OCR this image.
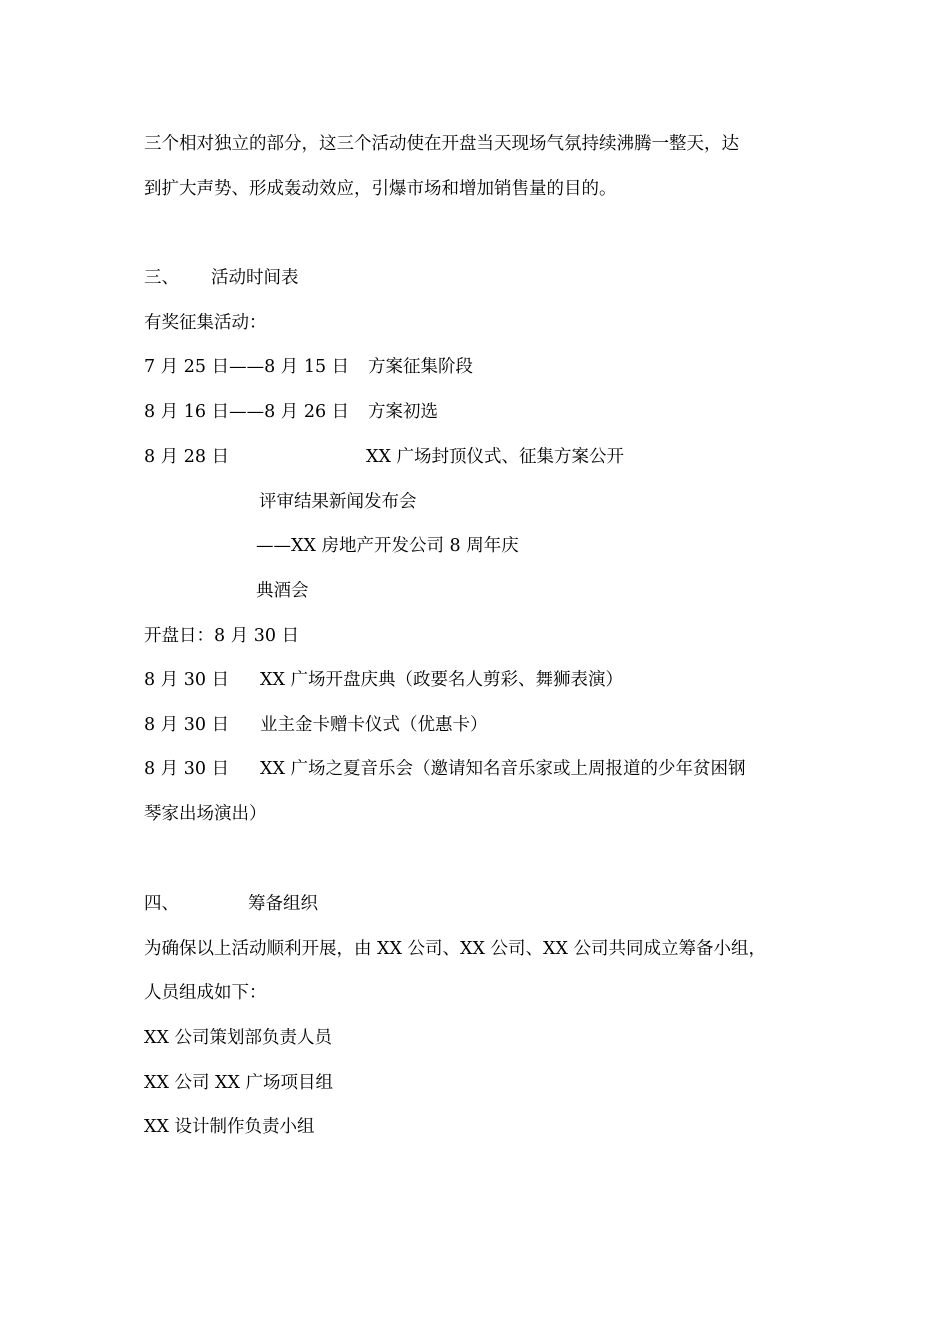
三个相对独立的部分，这三个活动使在开盘当天现场气氛持续沸腾一整天，达
到扩大声势、形成轰动效应，引爆市场和增加销售量的目的。
三、 活动时间表
有奖征集活动：
7 月 25 日——8 月 15 日 方案征集阶段
8 月 16 日——8 月 26 日 方案初选
8 月 28 日	XX 广场封顶仪式、征集方案公开
评审结果新闻发布会
——XX 房地产开发公司 8 周年庆
典酒会
开盘日：8 月 30 日
8 月 30 日 XX 广场开盘庆典（政要名人剪彩、舞狮表演）
8 月 30 日 业主金卡赠卡仪式（优惠卡）
8 月 30 日 XX 广场之夏音乐会（邀请知名音乐家或上周报道的少年贫困钢
琴家出场演出）
四、	筹备组织
为确保以上活动顺利开展，由 XX 公司、XX 公司、XX 公司共同成立筹备小组，
人员组成如下：
XX 公司策划部负责人员
XX 公司 XX 广场项目组
XX 设计制作负责小组
